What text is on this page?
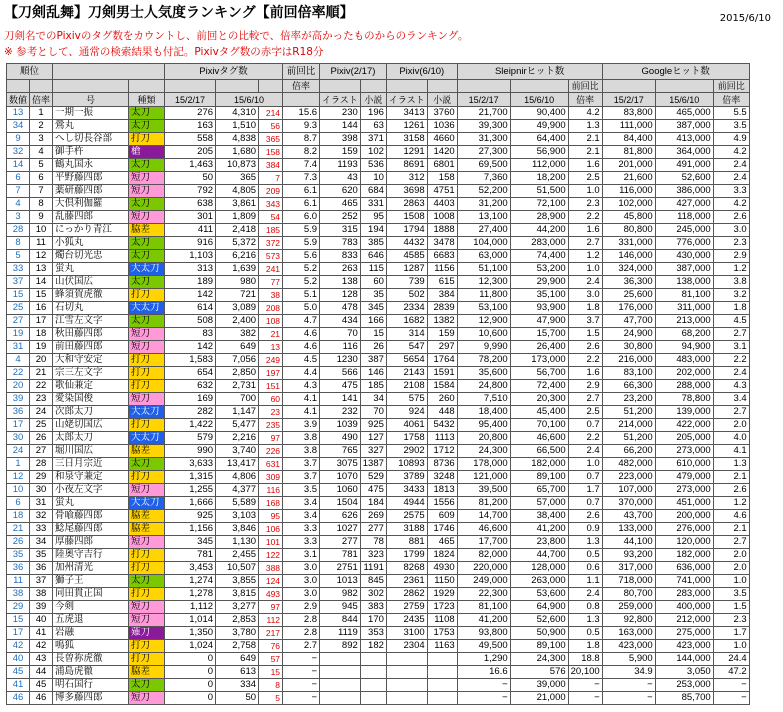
【刀剣乱舞】刀剣男士人気度ランキング【前回倍率順】	2015/6/10
刀剣名でのPixivのタグ数をカウントし、前回との比較で、倍率が高かったものからのランキング。
※ 参考として、通常の検索結果も付記。Pixivタグ数の赤字はR18分
順位				Pixivタグ数			前回比	Pixiv(2/17)		Pixiv(6/10)		Sleipnirヒット数			Googleヒット数		
							倍率							前回比			前回比
数値	倍率	号	種類	15/2/17	15/6/10			イラスト	小説	イラスト	小説	15/2/17	15/6/10	倍率	15/2/17	15/6/10	倍率
13	1	一期一振	太刀	276	4,310	214	15.6	230	196	3413	3760	21,700	90,400	4.2	83,800	465,000	5.5
34	2	鶯丸	太刀	163	1,510	56	9.3	144	63	1261	1036	39,300	49,900	1.3	111,000	387,000	3.5
9	3	へし切長谷部	打刀	558	4,838	365	8.7	398	371	3158	4660	31,300	64,400	2.1	84,400	413,000	4.9
32	4	御手杵	槍	205	1,680	158	8.2	159	102	1291	1420	27,300	56,900	2.1	81,800	364,000	4.2
14	5	鶴丸国永	太刀	1,463	10,873	384	7.4	1193	536	8691	6801	69,500	112,000	1.6	201,000	491,000	2.4
6	6	平野藤四郎	短刀	50	365	7	7.3	43	10	312	158	7,360	18,200	2.5	21,600	52,600	2.4
7	7	薬研藤四郎	短刀	792	4,805	209	6.1	620	684	3698	4751	52,200	51,500	1.0	116,000	386,000	3.3
4	8	大倶利伽羅	太刀	638	3,861	343	6.1	465	331	2863	4403	31,200	72,100	2.3	102,000	427,000	4.2
3	9	乱藤四郎	短刀	301	1,809	54	6.0	252	95	1508	1008	13,100	28,900	2.2	45,800	118,000	2.6
28	10	にっかり青江	脇差	411	2,418	185	5.9	315	194	1794	1888	27,400	44,200	1.6	80,800	245,000	3.0
8	11	小狐丸	太刀	916	5,372	372	5.9	783	385	4432	3478	104,000	283,000	2.7	331,000	776,000	2.3
5	12	燭台切光忠	太刀	1,103	6,216	573	5.6	833	646	4585	6683	63,000	74,400	1.2	146,000	430,000	2.9
33	13	蛍丸	大太刀	313	1,639	241	5.2	263	115	1287	1156	51,100	53,200	1.0	324,000	387,000	1.2
37	14	山伏国広	太刀	189	980	77	5.2	138	60	739	615	12,300	29,900	2.4	36,300	138,000	3.8
15	15	蜂須賀虎徹	打刀	142	721	38	5.1	128	35	502	384	11,800	35,100	3.0	25,600	81,100	3.2
25	16	石切丸	大太刀	614	3,089	208	5.0	478	345	2334	2839	53,100	93,900	1.8	176,000	311,000	1.8
27	17	江雪左文字	太刀	508	2,400	108	4.7	434	166	1682	1382	12,900	47,900	3.7	47,700	213,000	4.5
19	18	秋田藤四郎	短刀	83	382	21	4.6	70	15	314	159	10,600	15,700	1.5	24,900	68,200	2.7
31	19	前田藤四郎	短刀	142	649	13	4.6	116	26	547	297	9,990	26,400	2.6	30,800	94,900	3.1
4	20	大和守安定	打刀	1,583	7,056	249	4.5	1230	387	5654	1764	78,200	173,000	2.2	216,000	483,000	2.2
22	21	宗三左文字	打刀	654	2,850	197	4.4	566	146	2143	1591	35,600	56,700	1.6	83,100	202,000	2.4
20	22	歌仙兼定	打刀	632	2,731	151	4.3	475	185	2108	1584	24,800	72,400	2.9	66,300	288,000	4.3
39	23	愛染国俊	短刀	169	700	60	4.1	141	34	575	260	7,510	20,300	2.7	23,200	78,800	3.4
36	24	次郎太刀	大太刀	282	1,147	23	4.1	232	70	924	448	18,400	45,400	2.5	51,200	139,000	2.7
17	25	山姥切国広	打刀	1,422	5,477	235	3.9	1039	925	4061	5432	95,400	70,100	0.7	214,000	422,000	2.0
30	26	太郎太刀	大太刀	579	2,216	97	3.8	490	127	1758	1113	20,800	46,600	2.2	51,200	205,000	4.0
24	27	堀川国広	脇差	990	3,740	226	3.8	765	327	2902	1712	24,300	66,500	2.4	66,200	273,000	4.1
1	28	三日月宗近	太刀	3,633	13,417	631	3.7	3075	1387	10893	8736	178,000	182,000	1.0	482,000	610,000	1.3
12	29	和泉守兼定	打刀	1,315	4,806	309	3.7	1070	529	3789	3248	121,000	89,100	0.7	223,000	479,000	2.1
10	30	小夜左文字	短刀	1,255	4,377	116	3.5	1060	475	3433	1813	39,500	65,700	1.7	107,000	273,000	2.6
6	31	蛍丸	大太刀	1,666	5,589	168	3.4	1504	184	4944	1556	81,200	57,000	0.7	370,000	451,000	1.2
18	32	骨喰藤四郎	脇差	925	3,103	95	3.4	626	269	2575	609	14,700	38,400	2.6	43,700	200,000	4.6
21	33	鯰尾藤四郎	脇差	1,156	3,846	106	3.3	1027	277	3188	1746	46,600	41,200	0.9	133,000	276,000	2.1
26	34	厚藤四郎	短刀	345	1,130	101	3.3	277	78	881	465	17,700	23,800	1.3	44,100	120,000	2.7
35	35	陸奥守吉行	打刀	781	2,455	122	3.1	781	323	1799	1824	82,000	44,700	0.5	93,200	182,000	2.0
36	36	加州清光	打刀	3,453	10,507	388	3.0	2751	1191	8268	4930	220,000	128,000	0.6	317,000	636,000	2.0
11	37	獅子王	太刀	1,274	3,855	124	3.0	1013	845	2361	1150	249,000	263,000	1.1	718,000	741,000	1.0
38	38	同田貫正国	打刀	1,278	3,815	493	3.0	982	302	2862	1929	22,300	53,600	2.4	80,700	283,000	3.5
29	39	今剣	短刀	1,112	3,277	97	2.9	945	383	2759	1723	81,100	64,900	0.8	259,000	400,000	1.5
15	40	五虎退	短刀	1,014	2,853	112	2.8	844	170	2435	1108	41,200	52,600	1.3	92,800	212,000	2.3
17	41	岩融	薙刀	1,350	3,780	217	2.8	1119	353	3100	1753	93,800	50,900	0.5	163,000	275,000	1.7
42	42	鳴狐	打刀	1,024	2,758	76	2.7	892	182	2304	1163	49,500	89,100	1.8	423,000	423,000	1.0
40	43	長曽祢虎徹	打刀	0	649	57	−					1,290	24,300	18.8	5,900	144,000	24.4
45	44	浦島虎徹	脇差	0	613	15	−					16.6	576	20,100	34.9	3,050	47.2
41	45	明石国行	太刀	0	334	8	−					−	39,000	−	−	253,000	−
46	46	博多藤四郎	短刀	0	50	5	−					−	21,000	−	−	85,700	−
